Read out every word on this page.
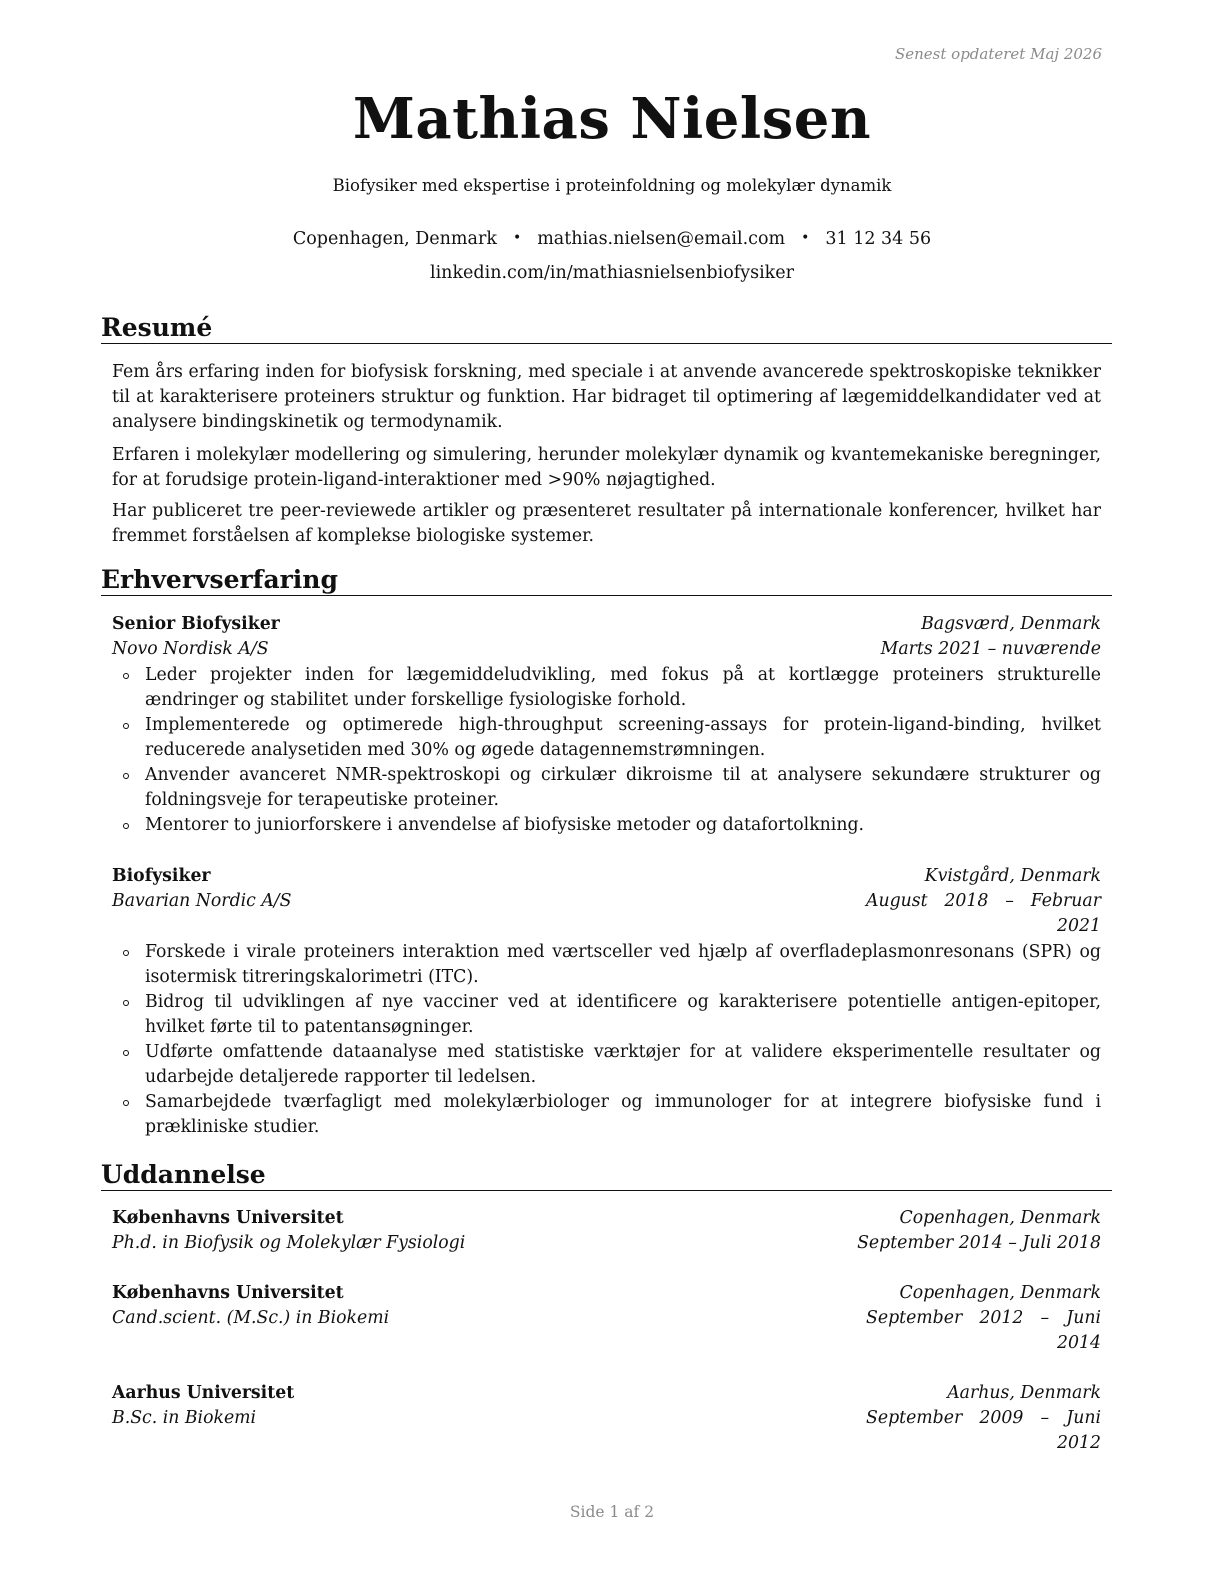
Senest opdateret Maj 2026
Mathias Nielsen
Biofysiker med ekspertise i proteinfoldning og molekylær dynamik
Copenhagen, Denmark • mathias.nielsen@email.com • 31 12 34 56
linkedin.com/in/mathiasnielsenbiofysiker
Resumé
Fem års erfaring inden for biofysisk forskning, med speciale i at anvende avancerede spektroskopiske teknikker til at karakterisere proteiners struktur og funktion. Har bidraget til optimering af lægemiddelkandidater ved at analysere bindingskinetik og termodynamik.
Erfaren i molekylær modellering og simulering, herunder molekylær dynamik og kvantemekaniske beregninger, for at forudsige protein-ligand-interaktioner med >90% nøjagtighed.
Har publiceret tre peer-reviewede artikler og præsenteret resultater på internationale konferencer, hvilket har fremmet forståelsen af komplekse biologiske systemer.
Erhvervserfaring
Senior Biofysiker	Bagsværd, Denmark
Novo Nordisk A/S	Marts 2021 – nuværende
Leder projekter inden for lægemiddeludvikling, med fokus på at kortlægge proteiners strukturelle ændringer og stabilitet under forskellige fysiologiske forhold.
Implementerede og optimerede high-throughput screening-assays for protein-ligand-binding, hvilket reducerede analysetiden med 30% og øgede datagennemstrømningen.
Anvender avanceret NMR-spektroskopi og cirkulær dikroisme til at analysere sekundære strukturer og foldningsveje for terapeutiske proteiner.
Mentorer to juniorforskere i anvendelse af biofysiske metoder og datafortolkning.
Biofysiker	Kvistgård, Denmark
Bavarian Nordic A/S	August 2018 – Februar 2021
Forskede i virale proteiners interaktion med værtsceller ved hjælp af overfladeplasmonresonans (SPR) og isotermisk titreringskalorimetri (ITC).
Bidrog til udviklingen af nye vacciner ved at identificere og karakterisere potentielle antigen-epitoper, hvilket førte til to patentansøgninger.
Udførte omfattende dataanalyse med statistiske værktøjer for at validere eksperimentelle resultater og udarbejde detaljerede rapporter til ledelsen.
Samarbejdede tværfagligt med molekylærbiologer og immunologer for at integrere biofysiske fund i prækliniske studier.
Uddannelse
Københavns Universitet	Copenhagen, Denmark
Ph.d. in Biofysik og Molekylær Fysiologi	September 2014 – Juli 2018
Københavns Universitet	Copenhagen, Denmark
Cand.scient. (M.Sc.) in Biokemi	September 2012 – Juni 2014
Aarhus Universitet	Aarhus, Denmark
B.Sc. in Biokemi	September 2009 – Juni 2012
Side 1 af 2
